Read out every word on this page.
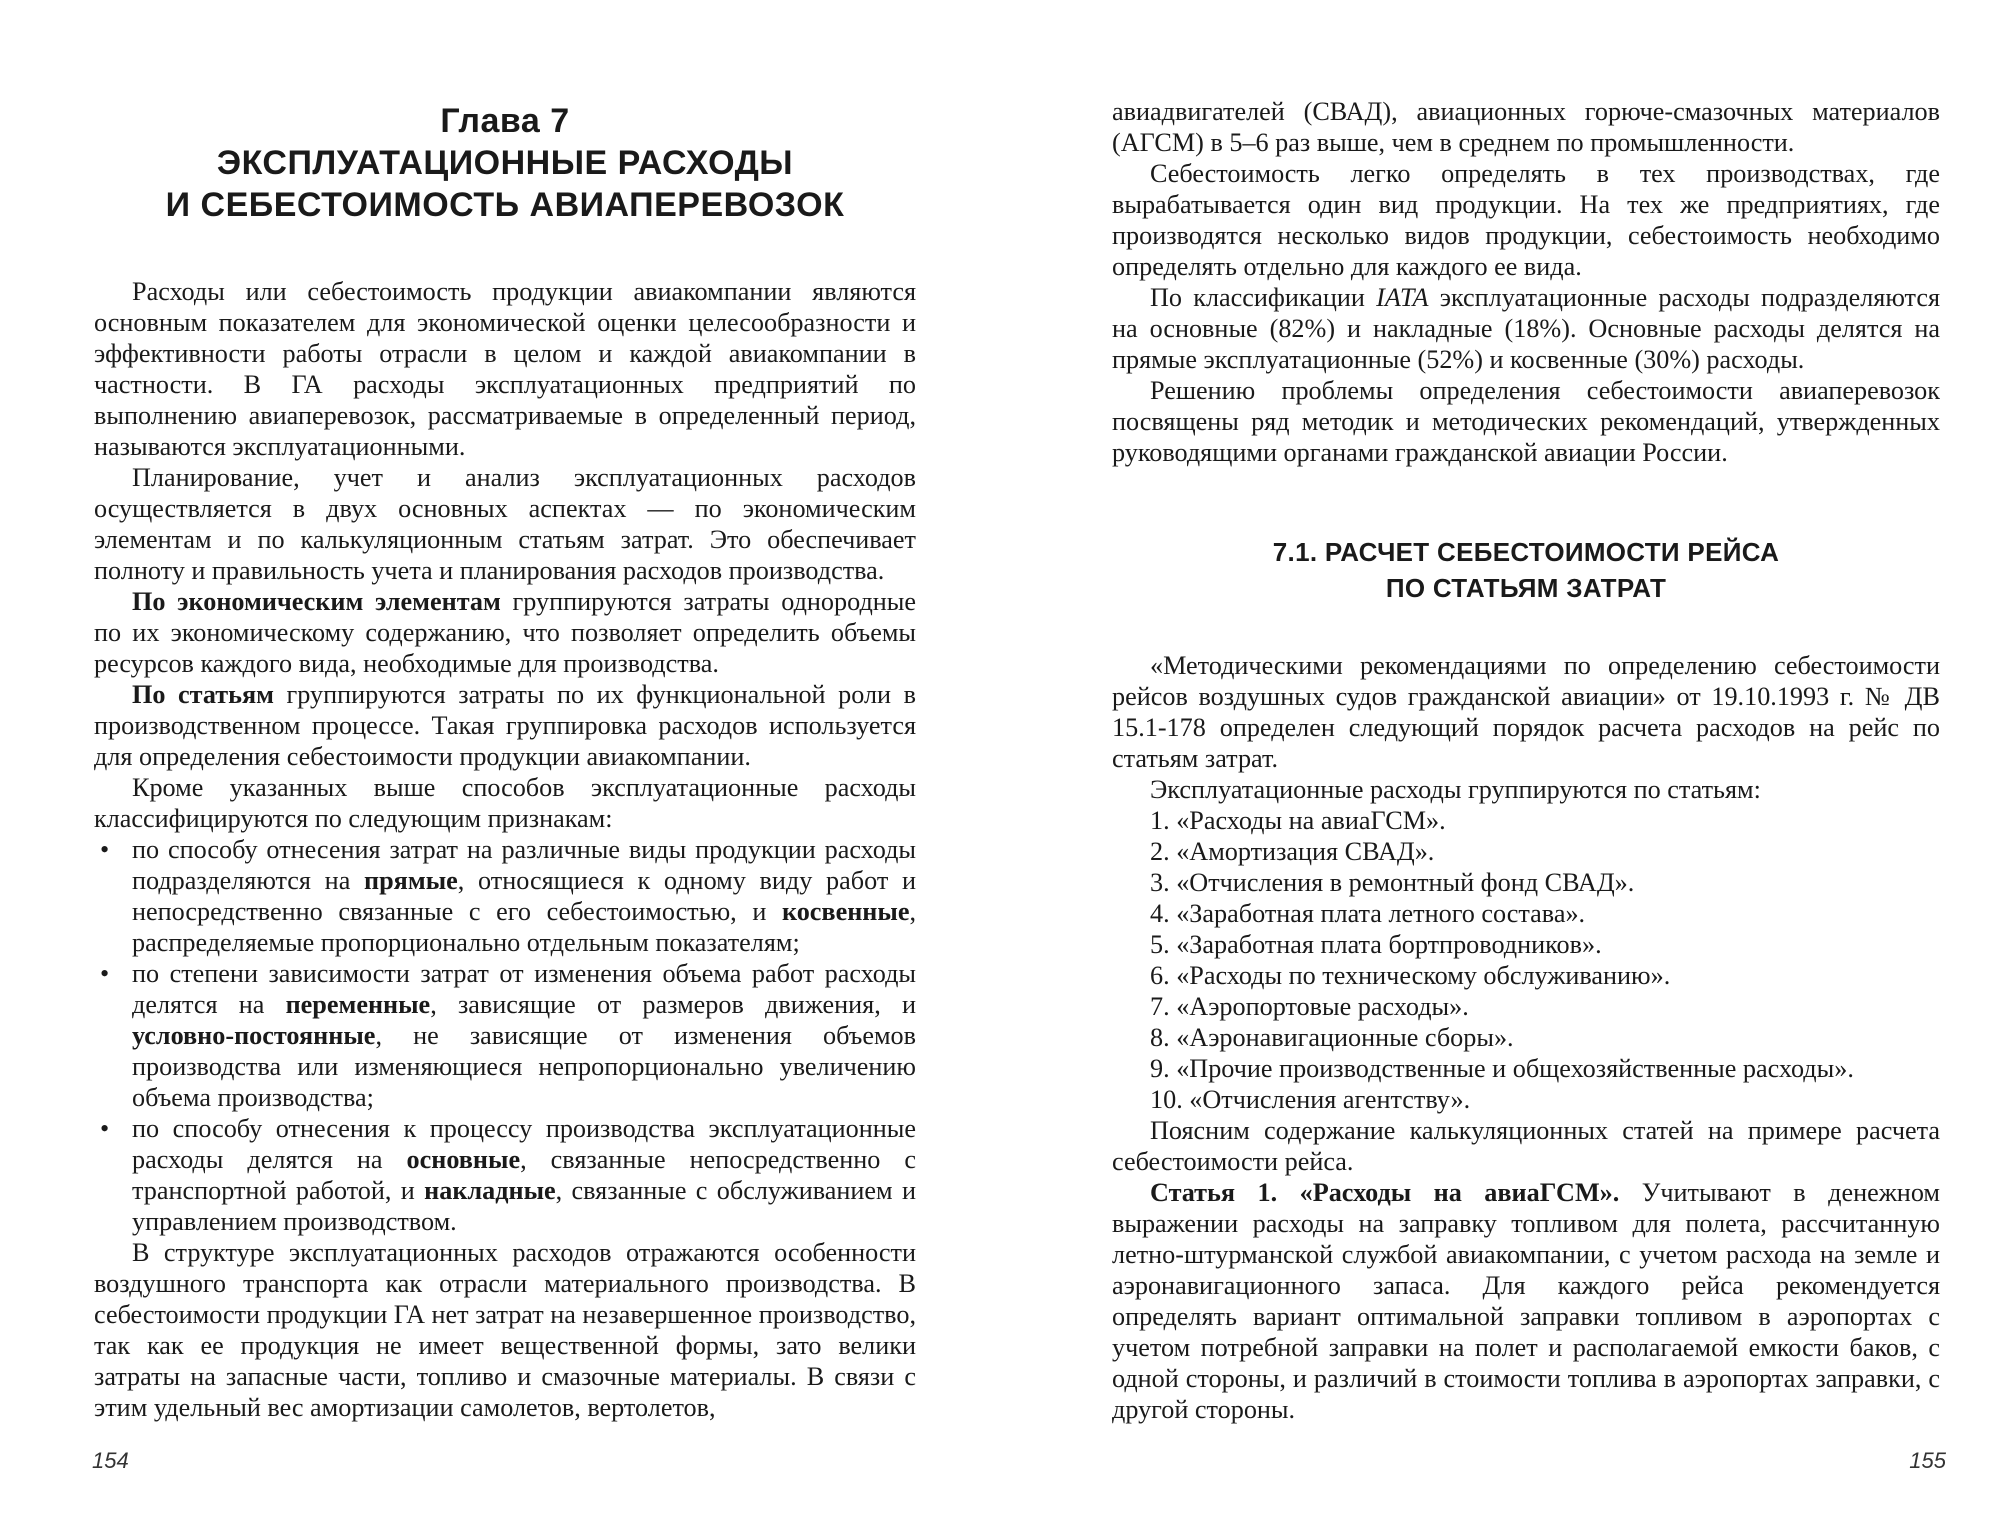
Глава 7
ЭКСПЛУАТАЦИОННЫЕ РАСХОДЫ
И СЕБЕСТОИМОСТЬ АВИАПЕРЕВОЗОК

Расходы или себестоимость продукции авиакомпании являются основным показателем для экономической оценки целесообразности и эффективности работы отрасли в целом и каждой авиакомпании в частности. В ГА расходы эксплуатационных предприятий по выполнению авиаперевозок, рассматриваемые в определенный период, называются эксплуатационными.

Планирование, учет и анализ эксплуатационных расходов осуществляется в двух основных аспектах — по экономическим элементам и по калькуляционным статьям затрат. Это обеспечивает полноту и правильность учета и планирования расходов производства.

По экономическим элементам группируются затраты однородные по их экономическому содержанию, что позволяет определить объемы ресурсов каждого вида, необходимые для производства.

По статьям группируются затраты по их функциональной роли в производственном процессе. Такая группировка расходов используется для определения себестоимости продукции авиакомпании.

Кроме указанных выше способов эксплуатационные расходы классифицируются по следующим признакам:

• по способу отнесения затрат на различные виды продукции расходы подразделяются на прямые, относящиеся к одному виду работ и непосредственно связанные с его себестоимостью, и косвенные, распределяемые пропорционально отдельным показателям;
• по степени зависимости затрат от изменения объема работ расходы делятся на переменные, зависящие от размеров движения, и условно-постоянные, не зависящие от изменения объемов производства или изменяющиеся непропорционально увеличению объема производства;
• по способу отнесения к процессу производства эксплуатационные расходы делятся на основные, связанные непосредственно с транспортной работой, и накладные, связанные с обслуживанием и управлением производством.

В структуре эксплуатационных расходов отражаются особенности воздушного транспорта как отрасли материального производства. В себестоимости продукции ГА нет затрат на незавершенное производство, так как ее продукция не имеет вещественной формы, зато велики затраты на запасные части, топливо и смазочные материалы. В связи с этим удельный вес амортизации самолетов, вертолетов,

154

авиадвигателей (СВАД), авиационных горюче-смазочных материалов (АГСМ) в 5–6 раз выше, чем в среднем по промышленности.

Себестоимость легко определять в тех производствах, где вырабатывается один вид продукции. На тех же предприятиях, где производятся несколько видов продукции, себестоимость необходимо определять отдельно для каждого ее вида.

По классификации IATA эксплуатационные расходы подразделяются на основные (82%) и накладные (18%). Основные расходы делятся на прямые эксплуатационные (52%) и косвенные (30%) расходы.

Решению проблемы определения себестоимости авиаперевозок посвящены ряд методик и методических рекомендаций, утвержденных руководящими органами гражданской авиации России.

7.1. РАСЧЕТ СЕБЕСТОИМОСТИ РЕЙСА
ПО СТАТЬЯМ ЗАТРАТ

«Методическими рекомендациями по определению себестоимости рейсов воздушных судов гражданской авиации» от 19.10.1993 г. № ДВ 15.1-178 определен следующий порядок расчета расходов на рейс по статьям затрат.

Эксплуатационные расходы группируются по статьям:

1. «Расходы на авиаГСМ».
2. «Амортизация СВАД».
3. «Отчисления в ремонтный фонд СВАД».
4. «Заработная плата летного состава».
5. «Заработная плата бортпроводников».
6. «Расходы по техническому обслуживанию».
7. «Аэропортовые расходы».
8. «Аэронавигационные сборы».
9. «Прочие производственные и общехозяйственные расходы».
10. «Отчисления агентству».

Поясним содержание калькуляционных статей на примере расчета себестоимости рейса.

Статья 1. «Расходы на авиаГСМ». Учитывают в денежном выражении расходы на заправку топливом для полета, рассчитанную летно-штурманской службой авиакомпании, с учетом расхода на земле и аэронавигационного запаса. Для каждого рейса рекомендуется определять вариант оптимальной заправки топливом в аэропортах с учетом потребной заправки на полет и располагаемой емкости баков, с одной стороны, и различий в стоимости топлива в аэропортах заправки, с другой стороны.

155
